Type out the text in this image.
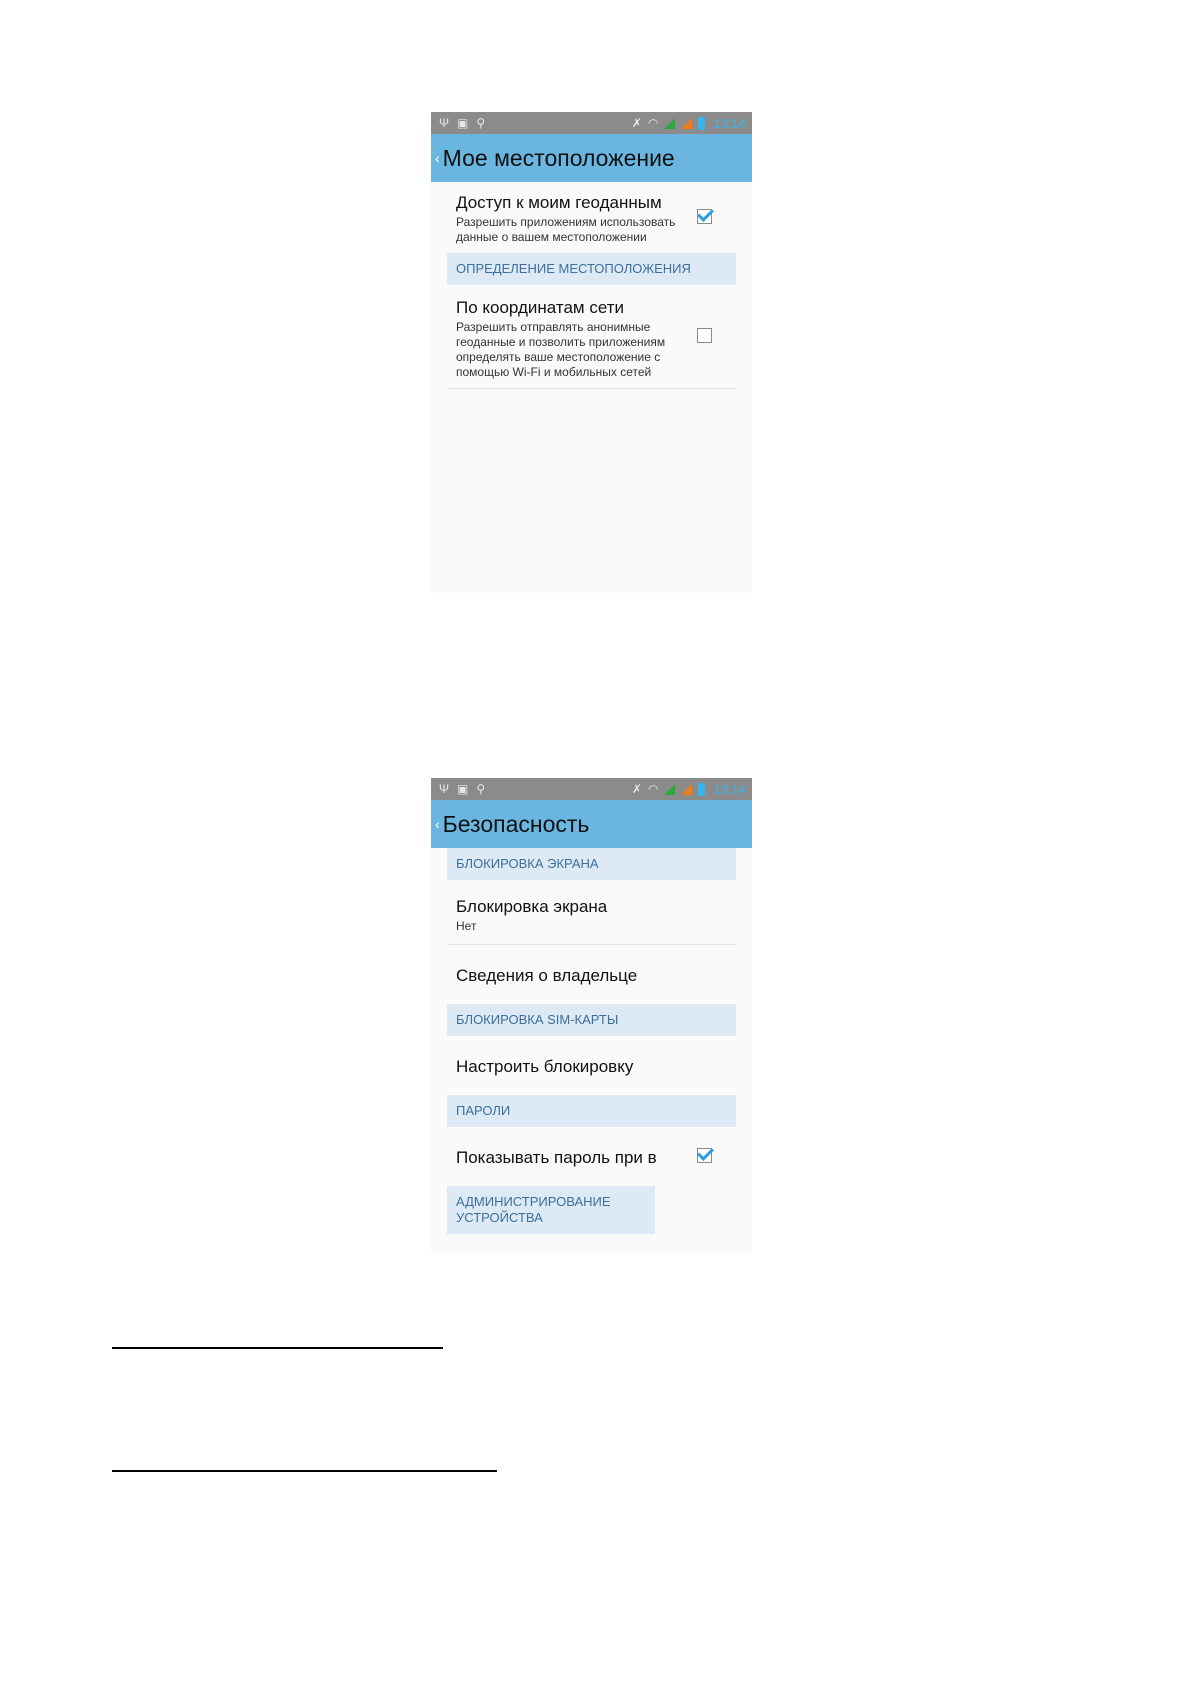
Ψ ▣ ⚲	✗ ◠	13:14
‹ Мое местоположение
Доступ к моим геоданным
Разрешить приложениям использовать данные о вашем местоположении
ОПРЕДЕЛЕНИЕ МЕСТОПОЛОЖЕНИЯ
По координатам сети
Разрешить отправлять анонимные геоданные и позволить приложениям определять ваше местоположение с помощью Wi-Fi и мобильных сетей
Ψ ▣ ⚲	✗ ◠	13:14
‹ Безопасность
БЛОКИРОВКА ЭКРАНА
Блокировка экрана
Нет
Сведения о владельце
БЛОКИРОВКА SIM-КАРТЫ
Настроить блокировку
ПАРОЛИ
Показывать пароль при в
АДМИНИСТРИРОВАНИЕ УСТРОЙСТВА
